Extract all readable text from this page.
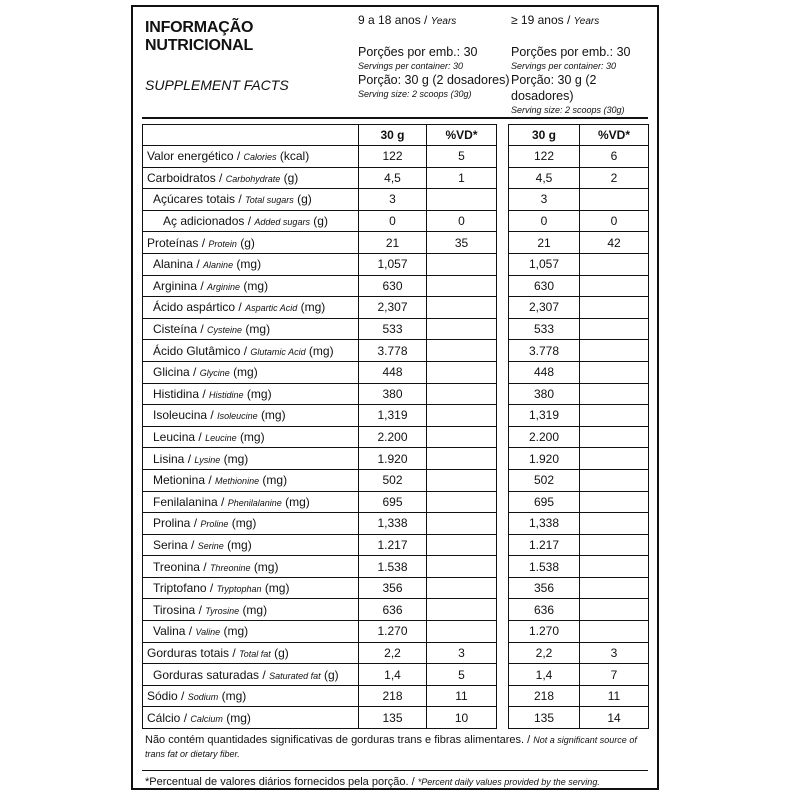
INFORMAÇÃO
NUTRICIONAL
SUPPLEMENT FACTS
9 a 18 anos / Years
Porções por emb.: 30
Servings per container: 30
Porção: 30 g (2 dosadores)
Serving size: 2 scoops (30g)
≥ 19 anos / Years
Porções por emb.: 30
Servings per container: 30
Porção: 30 g (2 dosadores)
Serving size: 2 scoops (30g)
	30 g	%VD*		30 g	%VD*
Valor energético / Calories (kcal)	122	5		122	6
Carboidratos / Carbohydrate (g)	4,5	1		4,5	2
Açúcares totais / Total sugars (g)	3			3	
Aç adicionados / Added sugars (g)	0	0		0	0
Proteínas / Protein (g)	21	35		21	42
Alanina / Alanine (mg)	1,057			1,057	
Arginina / Arginine (mg)	630			630	
Ácido aspártico / Aspartic Acid (mg)	2,307			2,307	
Cisteína / Cysteine (mg)	533			533	
Ácido Glutâmico / Glutamic Acid (mg)	3.778			3.778	
Glicina / Glycine (mg)	448			448	
Histidina / Histidine (mg)	380			380	
Isoleucina / Isoleucine (mg)	1,319			1,319	
Leucina / Leucine (mg)	2.200			2.200	
Lisina / Lysine (mg)	1.920			1.920	
Metionina / Methionine (mg)	502			502	
Fenilalanina / Phenilalanine (mg)	695			695	
Prolina / Proline (mg)	1,338			1,338	
Serina / Serine (mg)	1.217			1.217	
Treonina / Threonine (mg)	1.538			1.538	
Triptofano / Tryptophan (mg)	356			356	
Tirosina / Tyrosine (mg)	636			636	
Valina / Valine (mg)	1.270			1.270	
Gorduras totais / Total fat (g)	2,2	3		2,2	3
Gorduras saturadas / Saturated fat (g)	1,4	5		1,4	7
Sódio / Sodium (mg)	218	11		218	11
Cálcio / Calcium (mg)	135	10		135	14
Não contém quantidades significativas de gorduras trans e fibras alimentares. / Not a significant source of trans fat or dietary fiber.
*Percentual de valores diários fornecidos pela porção. / *Percent daily values provided by the serving.
